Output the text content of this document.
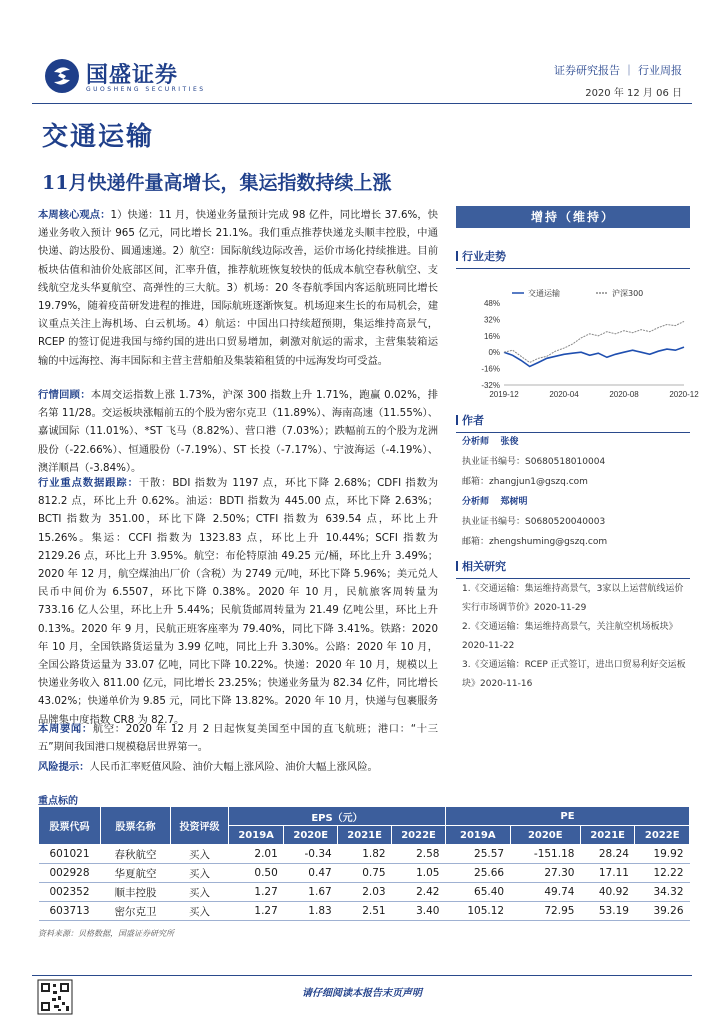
国盛证券
GUOSHENG SECURITIES
证券研究报告 ｜ 行业周报
2020 年 12 月 06 日
交通运输
11月快递件量高增长，集运指数持续上涨
本周核心观点：1）快递：11 月，快递业务量预计完成 98 亿件，同比增长 37.6%，快递业务收入预计 965 亿元，同比增长 21.1%。我们重点推荐快递龙头顺丰控股，中通快递、韵达股份、圆通速递。2）航空：国际航线边际改善，运价市场化持续推进。目前板块估值和油价处底部区间，汇率升值，推荐航班恢复较快的低成本航空春秋航空、支线航空龙头华夏航空、高弹性的三大航。3）机场：20 冬春航季国内客运航班同比增长 19.79%，随着疫苗研发进程的推进，国际航班逐渐恢复。机场迎来生长的布局机会，建议重点关注上海机场、白云机场。4）航运：中国出口持续超预期，集运维持高景气，RCEP 的签订促进我国与缔约国的进出口贸易增加，刺激对航运的需求，主营集装箱运输的中远海控、海丰国际和主营主营船舶及集装箱租赁的中远海发均可受益。
行情回顾：本周交运指数上涨 1.73%，沪深 300 指数上升 1.71%，跑赢 0.02%，排名第 11/28。交运板块涨幅前五的个股为密尔克卫（11.89%）、海南高速（11.55%）、嘉诚国际（11.01%）、*ST 飞马（8.82%）、营口港（7.03%）；跌幅前五的个股为龙洲股份（-22.66%）、恒通股份（-7.19%）、ST 长投（-7.17%）、宁波海运（-4.19%）、澳洋顺昌（-3.84%）。
行业重点数据跟踪：干散：BDI 指数为 1197 点，环比下降 2.68%；CDFI 指数为 812.2 点，环比上升 0.62%。油运：BDTI 指数为 445.00 点，环比下降 2.63%；BCTI 指数为 351.00，环比下降 2.50%；CTFI 指数为 639.54 点，环比上升 15.26%。集运：CCFI 指数为 1323.83 点，环比上升 10.44%；SCFI 指数为 2129.26 点，环比上升 3.95%。航空：布伦特原油 49.25 元/桶，环比上升 3.49%；2020 年 12 月，航空煤油出厂价（含税）为 2749 元/吨，环比下降 5.96%；美元兑人民币中间价为 6.5507，环比下降 0.38%。2020 年 10 月，民航旅客周转量为 733.16 亿人公里，环比上升 5.44%；民航货邮周转量为 21.49 亿吨公里，环比上升 0.13%。2020 年 9 月，民航正班客座率为 79.40%，同比下降 3.41%。铁路：2020 年 10 月，全国铁路货运量为 3.99 亿吨，同比上升 3.30%。公路：2020 年 10 月，全国公路货运量为 33.07 亿吨，同比下降 10.22%。快递：2020 年 10 月，规模以上快递业务收入 811.00 亿元，同比增长 23.25%；快递业务量为 82.34 亿件，同比增长 43.02%；快递单价为 9.85 元，同比下降 13.82%。2020 年 10 月，快递与包裹服务品牌集中度指数 CR8 为 82.7。
本周要闻：航空：2020 年 12 月 2 日起恢复美国至中国的直飞航班；港口：“十三五”期间我国港口规模稳居世界第一。
风险提示：人民币汇率贬值风险、油价大幅上涨风险、油价大幅上涨风险。
增持（维持）
行业走势
48%
32%
16%
0%
-16%
-32%
2019-12	2020-04	2020-08	2020-12
交通运输	沪深300
作者
分析师 张俊
执业证书编号：S0680518010004
邮箱：zhangjun1@gszq.com
分析师 郑树明
执业证书编号：S0680520040003
邮箱：zhengshuming@gszq.com
相关研究
1.《交通运输：集运维持高景气，3家以上运营航线运价实行市场调节价》2020-11-29
2.《交通运输：集运维持高景气，关注航空机场板块》2020-11-22
3.《交通运输：RCEP 正式签订，进出口贸易利好交运板块》2020-11-16
重点标的
股票代码	股票名称	投资评级	EPS（元）				PE			
			2019A	2020E	2021E	2022E	2019A	2020E	2021E	2022E
601021	春秋航空	买入	2.01	-0.34	1.82	2.58	25.57	-151.18	28.24	19.92
002928	华夏航空	买入	0.50	0.47	0.75	1.05	25.66	27.30	17.11	12.22
002352	顺丰控股	买入	1.27	1.67	2.03	2.42	65.40	49.74	40.92	34.32
603713	密尔克卫	买入	1.27	1.83	2.51	3.40	105.12	72.95	53.19	39.26
资料来源：贝格数据，国盛证券研究所
请仔细阅读本报告末页声明
